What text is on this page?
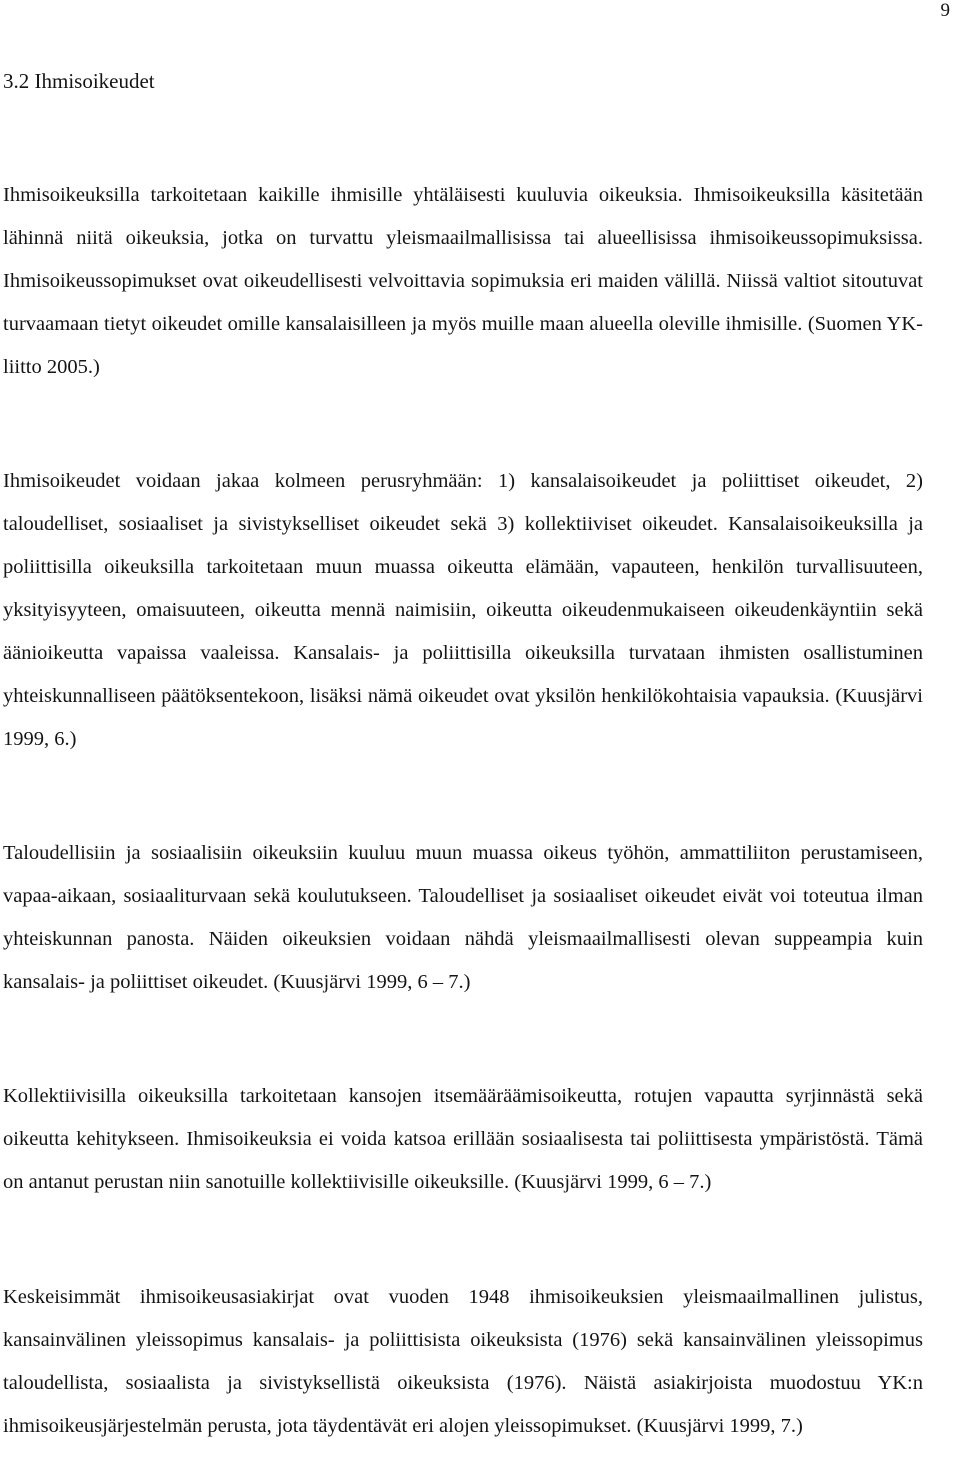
9
3.2 Ihmisoikeudet

Ihmisoikeuksilla tarkoitetaan kaikille ihmisille yhtäläisesti kuuluvia oikeuksia. Ihmisoikeuksilla käsitetään lähinnä niitä oikeuksia, jotka on turvattu yleismaailmallisissa tai alueellisissa ihmisoikeussopimuksissa. Ihmisoikeussopimukset ovat oikeudellisesti velvoittavia sopimuksia eri maiden välillä. Niissä valtiot sitoutuvat turvaamaan tietyt oikeudet omille kansalaisilleen ja myös muille maan alueella oleville ihmisille. (Suomen YK-liitto 2005.)

Ihmisoikeudet voidaan jakaa kolmeen perusryhmään: 1) kansalaisoikeudet ja poliittiset oikeudet, 2) taloudelliset, sosiaaliset ja sivistykselliset oikeudet sekä 3) kollektiiviset oikeudet. Kansalaisoikeuksilla ja poliittisilla oikeuksilla tarkoitetaan muun muassa oikeutta elämään, vapauteen, henkilön turvallisuuteen, yksityisyyteen, omaisuuteen, oikeutta mennä naimisiin, oikeutta oikeudenmukaiseen oikeudenkäyntiin sekä äänioikeutta vapaissa vaaleissa. Kansalais- ja poliittisilla oikeuksilla turvataan ihmisten osallistuminen yhteiskunnalliseen päätöksentekoon, lisäksi nämä oikeudet ovat yksilön henkilökohtaisia vapauksia. (Kuusjärvi 1999, 6.)

Taloudellisiin ja sosiaalisiin oikeuksiin kuuluu muun muassa oikeus työhön, ammattiliiton perustamiseen, vapaa-aikaan, sosiaaliturvaan sekä koulutukseen. Taloudelliset ja sosiaaliset oikeudet eivät voi toteutua ilman yhteiskunnan panosta. Näiden oikeuksien voidaan nähdä yleismaailmallisesti olevan suppeampia kuin kansalais- ja poliittiset oikeudet. (Kuusjärvi 1999, 6 – 7.)

Kollektiivisilla oikeuksilla tarkoitetaan kansojen itsemääräämisoikeutta, rotujen vapautta syrjinnästä sekä oikeutta kehitykseen. Ihmisoikeuksia ei voida katsoa erillään sosiaalisesta tai poliittisesta ympäristöstä. Tämä on antanut perustan niin sanotuille kollektiivisille oikeuksille. (Kuusjärvi 1999, 6 – 7.)

Keskeisimmät ihmisoikeusasiakirjat ovat vuoden 1948 ihmisoikeuksien yleismaailmallinen julistus, kansainvälinen yleissopimus kansalais- ja poliittisista oikeuksista (1976) sekä kansainvälinen yleissopimus taloudellista, sosiaalista ja sivistyksellistä oikeuksista (1976). Näistä asiakirjoista muodostuu YK:n ihmisoikeusjärjestelmän perusta, jota täydentävät eri alojen yleissopimukset. (Kuusjärvi 1999, 7.)
